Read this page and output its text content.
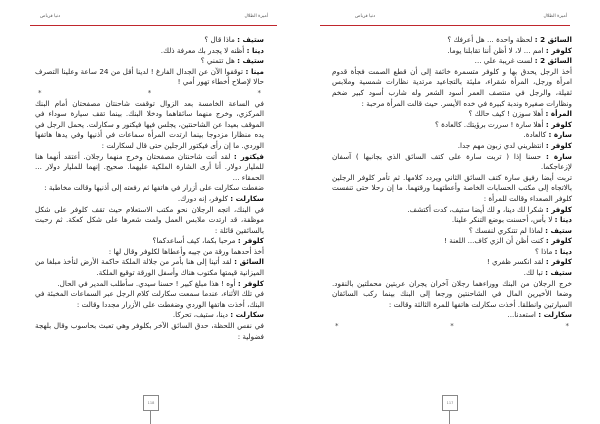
دنيا قرباص	أميرة الظلال

ستيف : ماذا قال ؟

دينا : أظنه لا يجدر بك معرفة ذلك.

ستيف : هل تتمني ؟

مينا : توقفوا الآن عن الجدال الفارغ ! لدينا أقل من 24 ساعة وعلينا التصرف حالا لإصلاح أخطاء تهور أمي !

*	*	*

في الساعة الخامسة بعد الزوال توقفت شاحنتان مصفحتان أمام البنك المركزي، وخرج منهما سائقاهما ودخلا البنك. بينما تقف سيارة سوداء في الموقف بعيدا عن الشاحنتين، يجلس فيها فيكتور و سكارلت. يحمل الرجل في يده منظارا مزدوجا بينما ارتدت المرأة سماعات في أذنيها وفي يدها هاتفها الوردي. ما إن رأى فيكتور الرجلين حتى قال لسكارلت :

فيكتور : لقد أتت شاحنتان مصفحتان وخرج منهما رجلان. أعتقد أنهما هنا للمليار دولار. أنا أرى الشارة الملكية عليهما. صحيح. إنهما للمليار دولار ... الحمقاء ...

ضغطت سكارلت على أزرار في هاتفها ثم رفعته إلى أذنيها وقالت مخاطبة :

سكارلت : كلوفر، إنه دورك.

في البنك، اتجه الرجلان نحو مكتب الاستعلام حيث تقف كلوفر على شكل موظفة، قد ارتدت ملابس العمل ولمت شعرها على شكل كعكة. ثم رحبت بالسائقين قائلة :

كلوفر : مرحبا بكما، كيف أساعدكما؟

أخذ أحدهما ورقة من جيبه وأعطاها لكلوفر وقال لها :

السائق : لقد أتينا إلى هنا بأمر من جلالة الملكة حاكمة الأرض لنأخذ مبلغا من الميزانية قيمتها مكتوب هناك وأسفل الورقة توقيع الملكة.

كلوفر : أوه ! هذا مبلغ كبير ! حسنا سيدي. سأطلب المدير في الحال.

في تلك الأثناء، عندما سمعت سكارلت كلام الرجل عبر السماعات المخبئة في البنك، أخذت هاتفها الوردي وضغطت على الأزرار مجددا وقالت :

سكارلت : دينا، ستيف، تحركا.

في نفس اللحظة، حدق السائق الآخر بكلوفر وهي تعبث بحاسوب وقال بلهجة فضولية :

118
دنيا قرباص	أميرة الظلال

السائق 2 : لحظة واحدة ... هل أعرفك ؟

كلوفر : امم ... لا، لا أظن أننا تقابلنا يوما.

السائق 2 : لست غريبة علي ...

أخذ الرجل يحدق بها و كلوفر متسمرة خائفة إلى أن قطع الصمت فجأة قدوم امرأة ورجل، المرأة شقراء، مليئة بالتجاعيد مرتدية نظارات شمسية وملابس ثقيلة، والرجل في منتصف العمر أسود الشعر وله شارب أسود كبير ضخم ونظارات صغيرة وندبة كبيرة في خده الأيسر. حيث قالت المرأة مرحبة :

المرأة : أهلا سوزن ! كيف حالك ؟

كلوفر : أهلا سارة ! سررت برؤيتك. كالعادة ؟

سارة : كالعادة.

كلوفر : انتظريني لدي زبون مهم جدا.

سارة : حسنا إذا ( تربت سارة على كتف السائق الذي بجانبها ) آسفان لإزعاجكما.

تربت أيضا رفيق سارة كتف السائق الثاني ويردد كلامها. ثم تأمر كلوفر الرجلين بالاتجاه إلى مكتب الحسابات الخاصة وأعطتهما ورقتهما. ما إن رحلا حتى تنفست كلوفر الصعداء وقالت للمرأة :

كلوفر : شكرا لك دينا، و لك أيضا ستيف، كدت أكتشف.

دينا : لا بأس، أحسنت بوضع التنكر علينا.

ستيف : لماذا لم تتنكري لنفسك ؟

كلوفر : كنت أظن أن الزي كاف... اللعنة !

دينا : ماذا ؟

كلوفر : لقد انكسر ظفري !

ستيف : تبا لك.

خرج الرجلان من البنك ووراءهما رجلان آخران يجران عربتين محملتين بالنقود. وضعا الأخيرين المال في الشاحنتين ورجعا إلى البنك بينما ركب السائقان السيارتين وانطلقا. أخذت سكارلت هاتفها للمرة الثالثة وقالت :

سكارلت : استعدنا...

*	*	*

117
